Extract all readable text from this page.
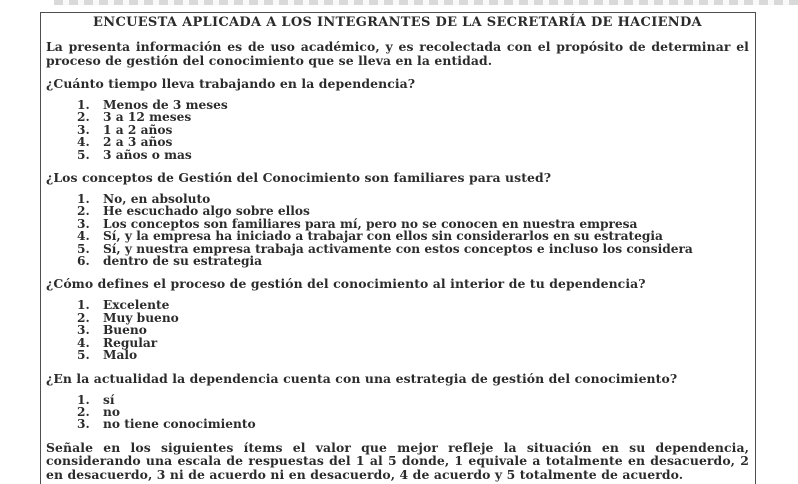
ENCUESTA APLICADA A LOS INTEGRANTES DE LA SECRETARÍA DE HACIENDA

La presenta información es de uso académico, y es recolectada con el propósito de determinar el proceso de gestión del conocimiento que se lleva en la entidad.

¿Cuánto tiempo lleva trabajando en la dependencia?

1.	Menos de 3 meses
2.	3 a 12 meses
3.	1 a 2 años
4.	2 a 3 años
5.	3 años o mas

¿Los conceptos de Gestión del Conocimiento son familiares para usted?

1.	No, en absoluto
2.	He escuchado algo sobre ellos
3.	Los conceptos son familiares para mí, pero no se conocen en nuestra empresa
4.	Sí, y la empresa ha iniciado a trabajar con ellos sin considerarlos en su estrategia
5.	Sí, y nuestra empresa trabaja activamente con estos conceptos e incluso los considera
6.	dentro de su estrategia

¿Cómo defines el proceso de gestión del conocimiento al interior de tu dependencia?

1.	Excelente
2.	Muy bueno
3.	Bueno
4.	Regular
5.	Malo

¿En la actualidad la dependencia cuenta con una estrategia de gestión del conocimiento?

1.	sí
2.	no
3.	no tiene conocimiento

Señale en los siguientes ítems el valor que mejor refleje la situación en su dependencia, considerando una escala de respuestas del 1 al 5 donde, 1 equivale a totalmente en desacuerdo, 2 en desacuerdo, 3 ni de acuerdo ni en desacuerdo, 4 de acuerdo y 5 totalmente de acuerdo.
